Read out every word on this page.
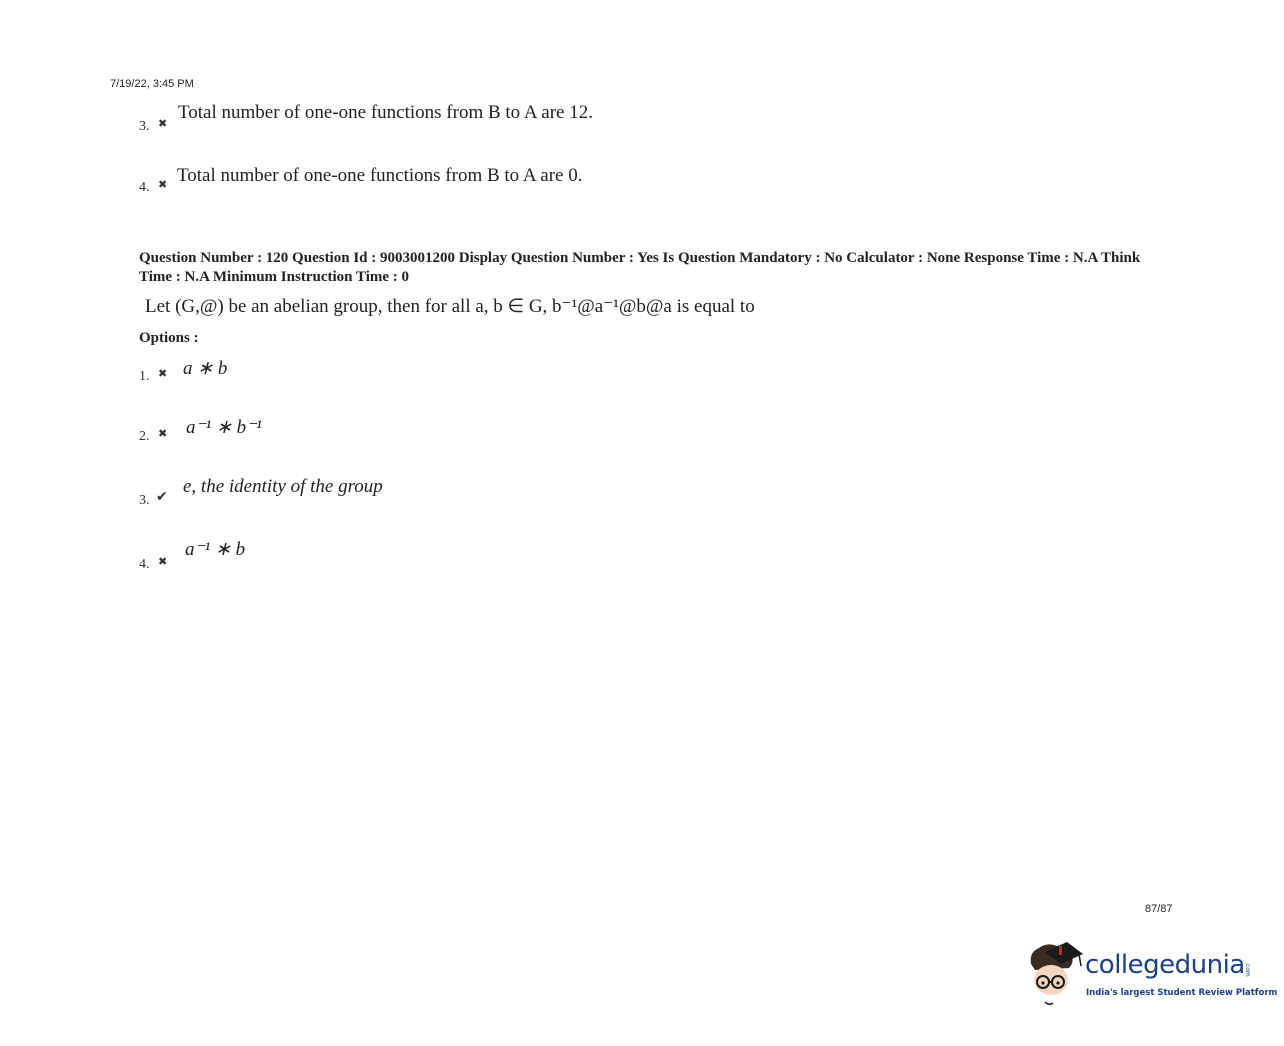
7/19/22, 3:45 PM
3. ✖
Total number of one-one functions from B to A are 12.
4. ✖ Total number of one-one functions from B to A are 0.
Question Number : 120 Question Id : 9003001200 Display Question Number : Yes Is Question Mandatory : No Calculator : None Response Time : N.A Think Time : N.A Minimum Instruction Time : 0
Let (G,@) be an abelian group, then for all a, b ∈ G, b⁻¹@a⁻¹@b@a is equal to
Options :
1. ✖ a ∗ b
2. ✖ a⁻¹ ∗ b⁻¹
3. ✔ e, the identity of the group
4. ✖
a⁻¹ ∗ b
87/87
collegedunia .com
India's largest Student Review Platform
